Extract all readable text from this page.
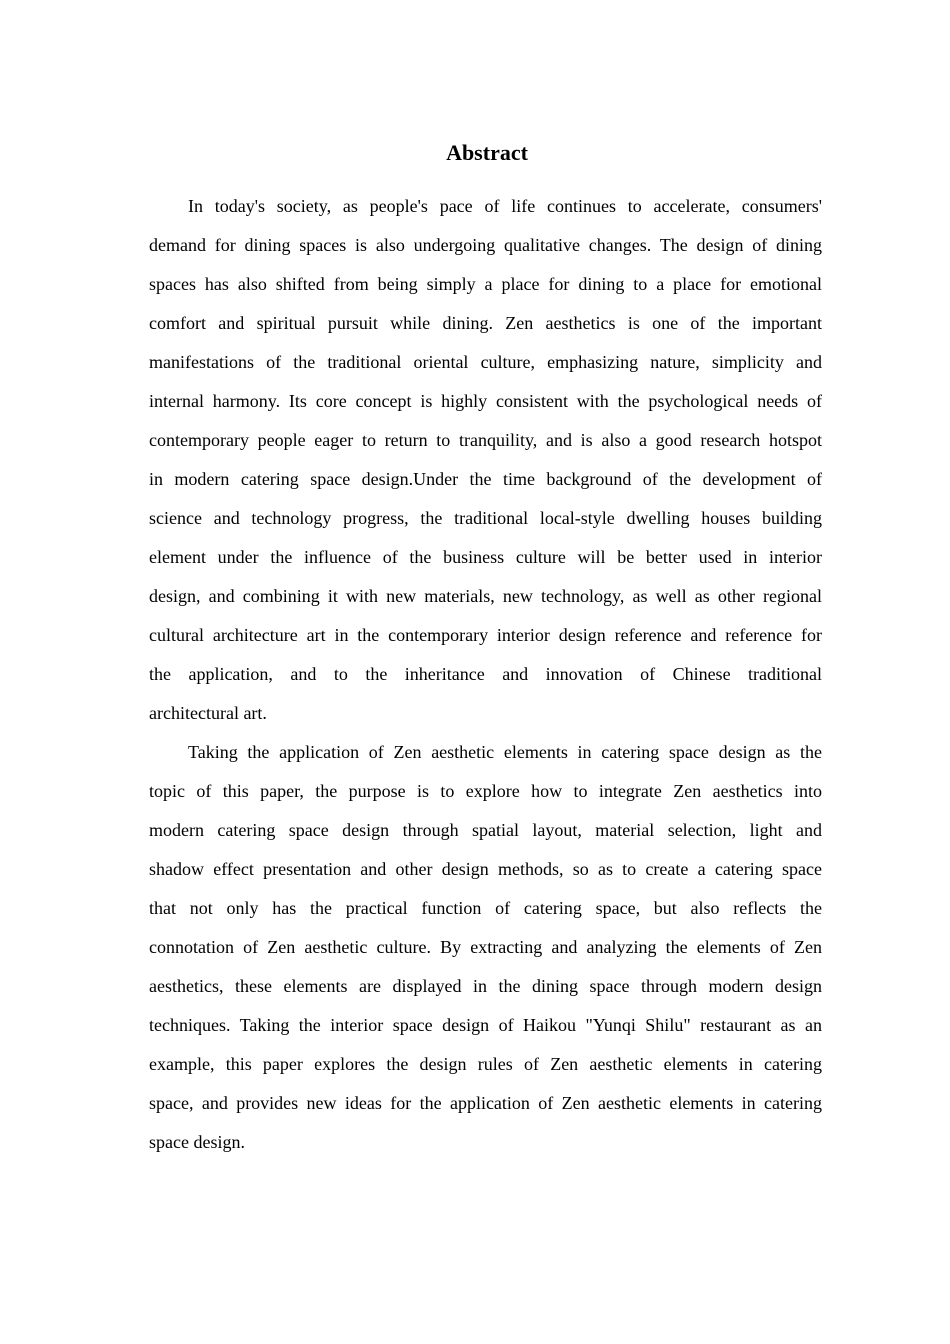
Abstract
In today's society, as people's pace of life continues to accelerate, consumers'
demand for dining spaces is also undergoing qualitative changes. The design of dining
spaces has also shifted from being simply a place for dining to a place for emotional
comfort and spiritual pursuit while dining. Zen aesthetics is one of the important
manifestations of the traditional oriental culture, emphasizing nature, simplicity and
internal harmony. Its core concept is highly consistent with the psychological needs of
contemporary people eager to return to tranquility, and is also a good research hotspot
in modern catering space design.Under the time background of the development of
science and technology progress, the traditional local-style dwelling houses building
element under the influence of the business culture will be better used in interior
design, and combining it with new materials, new technology, as well as other regional
cultural architecture art in the contemporary interior design reference and reference for
the application, and to the inheritance and innovation of Chinese traditional
architectural art.
Taking the application of Zen aesthetic elements in catering space design as the
topic of this paper, the purpose is to explore how to integrate Zen aesthetics into
modern catering space design through spatial layout, material selection, light and
shadow effect presentation and other design methods, so as to create a catering space
that not only has the practical function of catering space, but also reflects the
connotation of Zen aesthetic culture. By extracting and analyzing the elements of Zen
aesthetics, these elements are displayed in the dining space through modern design
techniques. Taking the interior space design of Haikou "Yunqi Shilu" restaurant as an
example, this paper explores the design rules of Zen aesthetic elements in catering
space, and provides new ideas for the application of Zen aesthetic elements in catering
space design.
